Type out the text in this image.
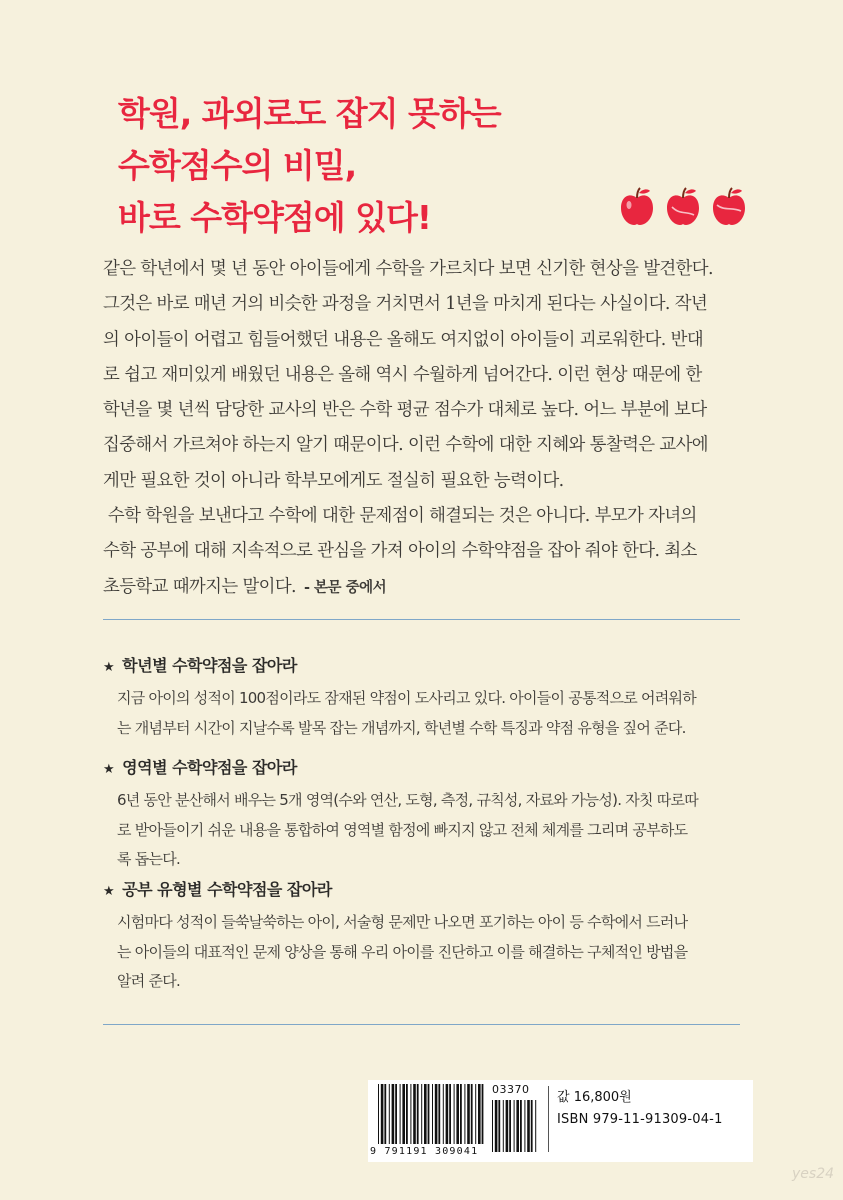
학원, 과외로도 잡지 못하는
수학점수의 비밀,
바로 수학약점에 있다!
같은 학년에서 몇 년 동안 아이들에게 수학을 가르치다 보면 신기한 현상을 발견한다.
그것은 바로 매년 거의 비슷한 과정을 거치면서 1년을 마치게 된다는 사실이다. 작년
의 아이들이 어렵고 힘들어했던 내용은 올해도 여지없이 아이들이 괴로워한다. 반대
로 쉽고 재미있게 배웠던 내용은 올해 역시 수월하게 넘어간다. 이런 현상 때문에 한
학년을 몇 년씩 담당한 교사의 반은 수학 평균 점수가 대체로 높다. 어느 부분에 보다
집중해서 가르쳐야 하는지 알기 때문이다. 이런 수학에 대한 지혜와 통찰력은 교사에
게만 필요한 것이 아니라 학부모에게도 절실히 필요한 능력이다.
수학 학원을 보낸다고 수학에 대한 문제점이 해결되는 것은 아니다. 부모가 자녀의
수학 공부에 대해 지속적으로 관심을 가져 아이의 수학약점을 잡아 줘야 한다. 최소
초등학교 때까지는 말이다. - 본문 중에서
★ 학년별 수학약점을 잡아라
지금 아이의 성적이 100점이라도 잠재된 약점이 도사리고 있다. 아이들이 공통적으로 어려워하
는 개념부터 시간이 지날수록 발목 잡는 개념까지, 학년별 수학 특징과 약점 유형을 짚어 준다.
★ 영역별 수학약점을 잡아라
6년 동안 분산해서 배우는 5개 영역(수와 연산, 도형, 측정, 규칙성, 자료와 가능성). 자칫 따로따
로 받아들이기 쉬운 내용을 통합하여 영역별 함정에 빠지지 않고 전체 체계를 그리며 공부하도
록 돕는다.
★ 공부 유형별 수학약점을 잡아라
시험마다 성적이 들쑥날쑥하는 아이, 서술형 문제만 나오면 포기하는 아이 등 수학에서 드러나
는 아이들의 대표적인 문제 양상을 통해 우리 아이를 진단하고 이를 해결하는 구체적인 방법을
알려 준다.
9 791191 309041
03370
값 16,800원
ISBN 979-11-91309-04-1
yes24
